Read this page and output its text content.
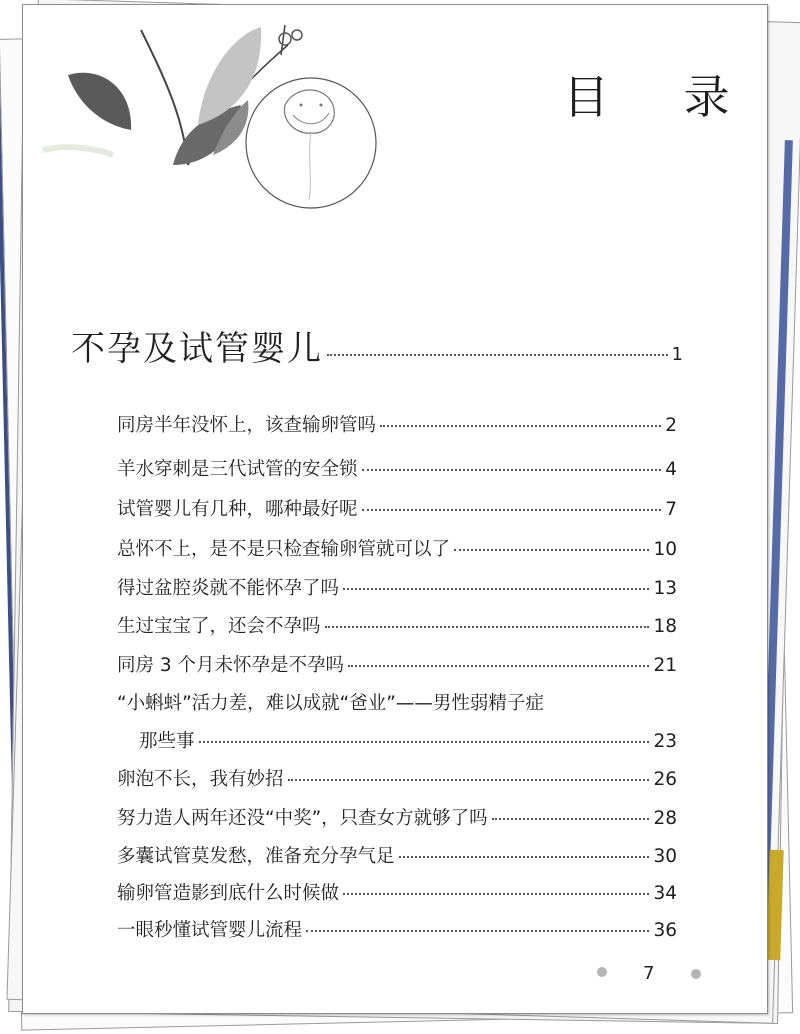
目 录
不孕及试管婴儿	1
同房半年没怀上，该查输卵管吗	2
羊水穿刺是三代试管的安全锁	4
试管婴儿有几种，哪种最好呢	7
总怀不上，是不是只检查输卵管就可以了	10
得过盆腔炎就不能怀孕了吗	13
生过宝宝了，还会不孕吗	18
同房 3 个月未怀孕是不孕吗	21
“小蝌蚪”活力差，难以成就“爸业”——男性弱精子症
那些事	23
卵泡不长，我有妙招	26
努力造人两年还没“中奖”，只查女方就够了吗	28
多囊试管莫发愁，准备充分孕气足	30
输卵管造影到底什么时候做	34
一眼秒懂试管婴儿流程	36
7
